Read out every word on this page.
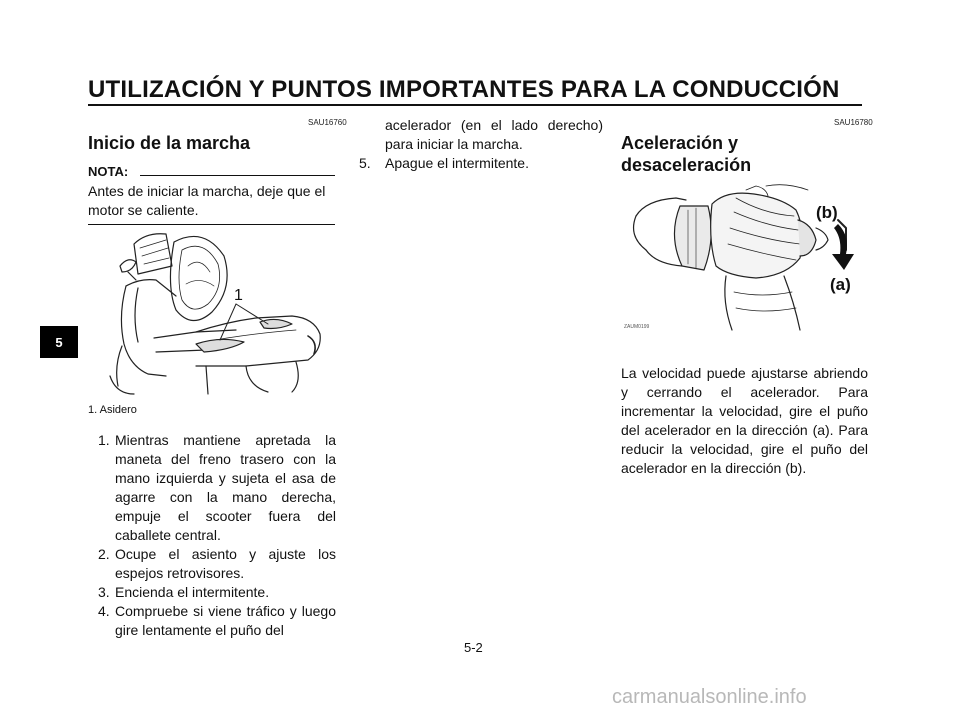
UTILIZACIÓN Y PUNTOS IMPORTANTES PARA LA CONDUCCIÓN
5
SAU16760
Inicio de la marcha
NOTA:
Antes de iniciar la marcha, deje que el motor se caliente.
1
1. Asidero
1. Mientras mantiene apretada la maneta del freno trasero con la mano izquierda y sujeta el asa de agarre con la mano derecha, empuje el scooter fuera del caballete central.
2. Ocupe el asiento y ajuste los espejos retrovisores.
3. Encienda el intermitente.
4. Compruebe si viene tráfico y luego gire lentamente el puño del
acelerador (en el lado derecho) para iniciar la marcha.
5. Apague el intermitente.
SAU16780
Aceleración y
desaceleración
(b)
(a)
ZAUM0199
La velocidad puede ajustarse abriendo y cerrando el acelerador. Para incrementar la velocidad, gire el puño del acelerador en la dirección (a). Para reducir la velocidad, gire el puño del acelerador en la dirección (b).
5-2
carmanualsonline.info
